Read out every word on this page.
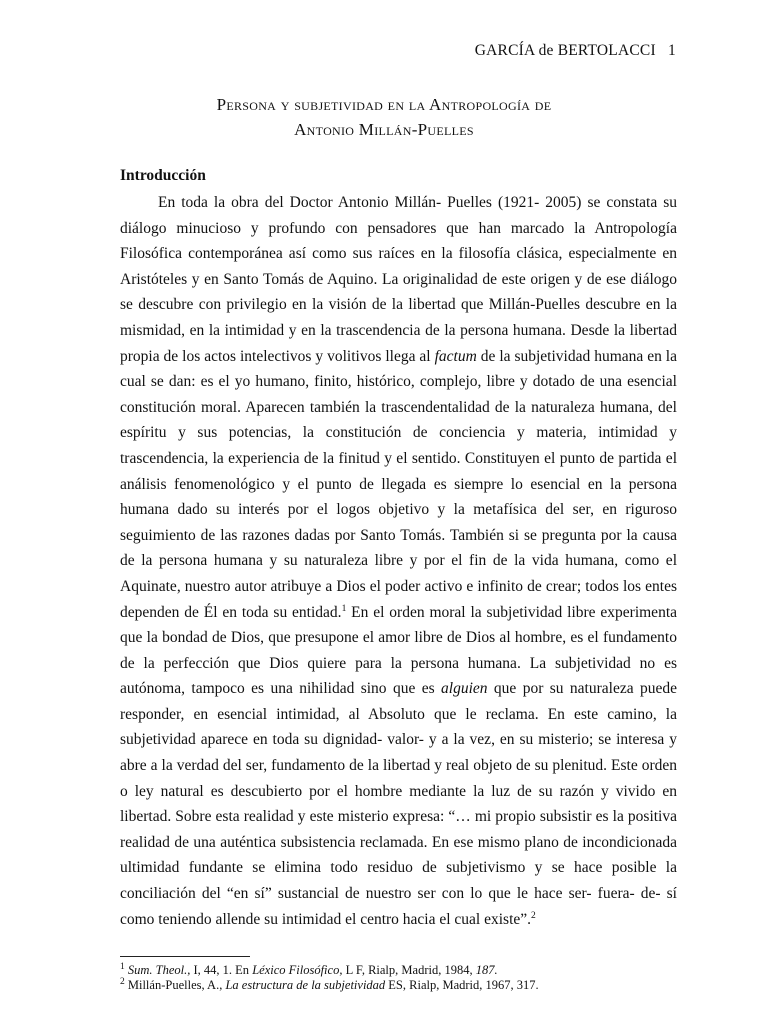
GARCÍA de BERTOLACCI 1
Persona y subjetividad en la Antropología de
Antonio Millán-Puelles
Introducción

En toda la obra del Doctor Antonio Millán- Puelles (1921- 2005) se constata su diálogo minucioso y profundo con pensadores que han marcado la Antropología Filosófica contemporánea así como sus raíces en la filosofía clásica, especialmente en Aristóteles y en Santo Tomás de Aquino. La originalidad de este origen y de ese diálogo se descubre con privilegio en la visión de la libertad que Millán-Puelles descubre en la mismidad, en la intimidad y en la trascendencia de la persona humana. Desde la libertad propia de los actos intelectivos y volitivos llega al factum de la subjetividad humana en la cual se dan: es el yo humano, finito, histórico, complejo, libre y dotado de una esencial constitución moral. Aparecen también la trascendentalidad de la naturaleza humana, del espíritu y sus potencias, la constitución de conciencia y materia, intimidad y trascendencia, la experiencia de la finitud y el sentido. Constituyen el punto de partida el análisis fenomenológico y el punto de llegada es siempre lo esencial en la persona humana dado su interés por el logos objetivo y la metafísica del ser, en riguroso seguimiento de las razones dadas por Santo Tomás. También si se pregunta por la causa de la persona humana y su naturaleza libre y por el fin de la vida humana, como el Aquinate, nuestro autor atribuye a Dios el poder activo e infinito de crear; todos los entes dependen de Él en toda su entidad.$^1$ En el orden moral la subjetividad libre experimenta que la bondad de Dios, que presupone el amor libre de Dios al hombre, es el fundamento de la perfección que Dios quiere para la persona humana. La subjetividad no es autónoma, tampoco es una nihilidad sino que es alguien que por su naturaleza puede responder, en esencial intimidad, al Absoluto que le reclama. En este camino, la subjetividad aparece en toda su dignidad- valor- y a la vez, en su misterio; se interesa y abre a la verdad del ser, fundamento de la libertad y real objeto de su plenitud. Este orden o ley natural es descubierto por el hombre mediante la luz de su razón y vivido en libertad. Sobre esta realidad y este misterio expresa: “… mi propio subsistir es la positiva realidad de una auténtica subsistencia reclamada. En ese mismo plano de incondicionada ultimidad fundante se elimina todo residuo de subjetivismo y se hace posible la conciliación del “en sí” sustancial de nuestro ser con lo que le hace ser- fuera- de- sí como teniendo allende su intimidad el centro hacia el cual existe”.$^2$

$^1$ Sum. Theol., I, 44, 1. En Léxico Filosófico, L F, Rialp, Madrid, 1984, 187.
$^2$ Millán-Puelles, A., La estructura de la subjetividad ES, Rialp, Madrid, 1967, 317.
